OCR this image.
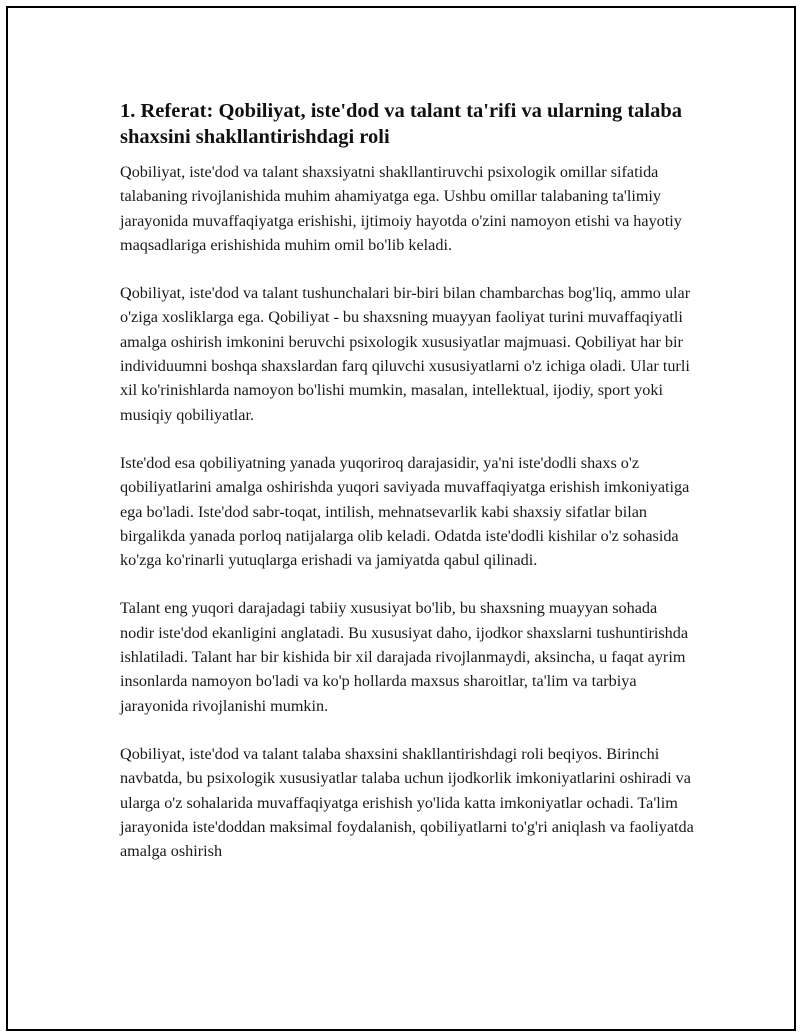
1. Referat: Qobiliyat, iste'dod va talant ta'rifi va ularning talaba shaxsini shakllantirishdagi roli

Qobiliyat, iste'dod va talant shaxsiyatni shakllantiruvchi psixologik omillar sifatida talabaning rivojlanishida muhim ahamiyatga ega. Ushbu omillar talabaning ta'limiy jarayonida muvaffaqiyatga erishishi, ijtimoiy hayotda o'zini namoyon etishi va hayotiy maqsadlariga erishishida muhim omil bo'lib keladi.

Qobiliyat, iste'dod va talant tushunchalari bir-biri bilan chambarchas bog'liq, ammo ular o'ziga xosliklarga ega. Qobiliyat - bu shaxsning muayyan faoliyat turini muvaffaqiyatli amalga oshirish imkonini beruvchi psixologik xususiyatlar majmuasi. Qobiliyat har bir individuumni boshqa shaxslardan farq qiluvchi xususiyatlarni o'z ichiga oladi. Ular turli xil ko'rinishlarda namoyon bo'lishi mumkin, masalan, intellektual, ijodiy, sport yoki musiqiy qobiliyatlar.

Iste'dod esa qobiliyatning yanada yuqoriroq darajasidir, ya'ni iste'dodli shaxs o'z qobiliyatlarini amalga oshirishda yuqori saviyada muvaffaqiyatga erishish imkoniyatiga ega bo'ladi. Iste'dod sabr-toqat, intilish, mehnatsevarlik kabi shaxsiy sifatlar bilan birgalikda yanada porloq natijalarga olib keladi. Odatda iste'dodli kishilar o'z sohasida ko'zga ko'rinarli yutuqlarga erishadi va jamiyatda qabul qilinadi.

Talant eng yuqori darajadagi tabiiy xususiyat bo'lib, bu shaxsning muayyan sohada nodir iste'dod ekanligini anglatadi. Bu xususiyat daho, ijodkor shaxslarni tushuntirishda ishlatiladi. Talant har bir kishida bir xil darajada rivojlanmaydi, aksincha, u faqat ayrim insonlarda namoyon bo'ladi va ko'p hollarda maxsus sharoitlar, ta'lim va tarbiya jarayonida rivojlanishi mumkin.

Qobiliyat, iste'dod va talant talaba shaxsini shakllantirishdagi roli beqiyos. Birinchi navbatda, bu psixologik xususiyatlar talaba uchun ijodkorlik imkoniyatlarini oshiradi va ularga o'z sohalarida muvaffaqiyatga erishish yo'lida katta imkoniyatlar ochadi. Ta'lim jarayonida iste'doddan maksimal foydalanish, qobiliyatlarni to'g'ri aniqlash va faoliyatda amalga oshirish
